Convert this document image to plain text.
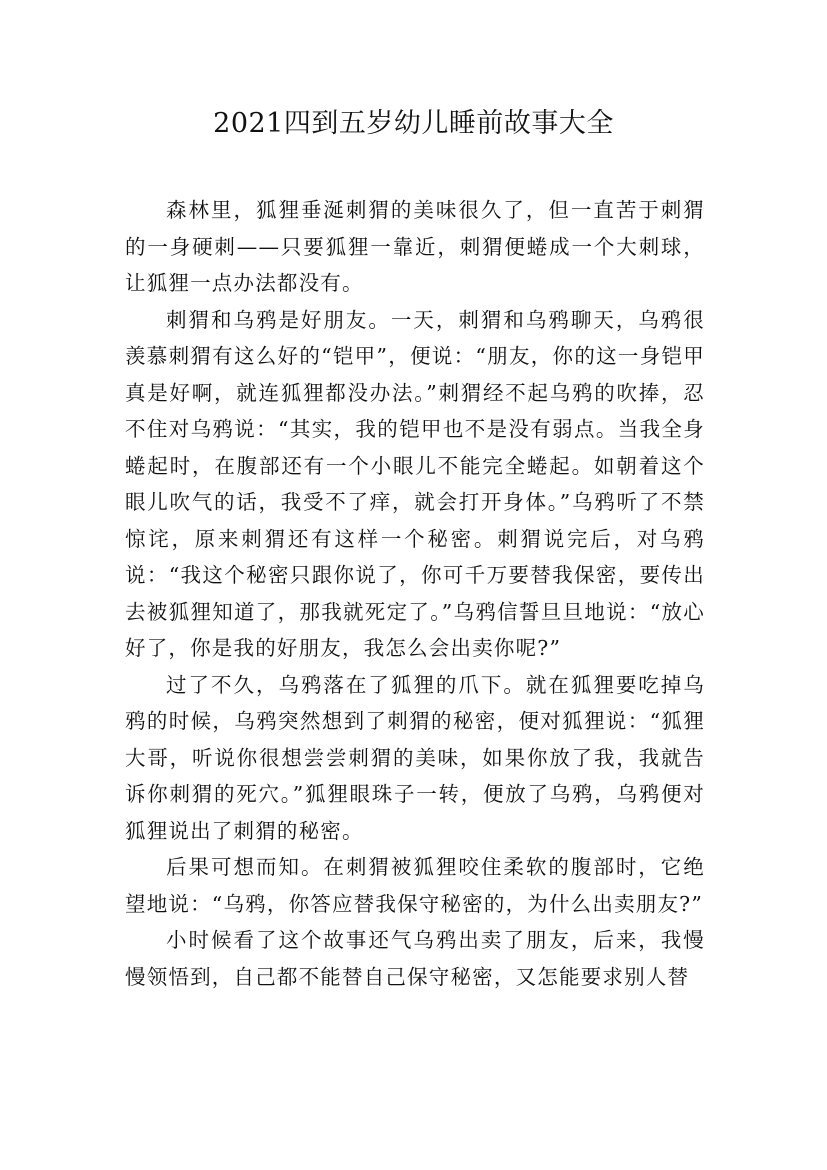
2021四到五岁幼儿睡前故事大全

森林里，狐狸垂涎刺猬的美味很久了，但一直苦于刺猬的一身硬刺——只要狐狸一靠近，刺猬便蜷成一个大刺球，让狐狸一点办法都没有。

刺猬和乌鸦是好朋友。一天，刺猬和乌鸦聊天，乌鸦很羡慕刺猬有这么好的“铠甲”，便说：“朋友，你的这一身铠甲真是好啊，就连狐狸都没办法。”刺猬经不起乌鸦的吹捧，忍不住对乌鸦说：“其实，我的铠甲也不是没有弱点。当我全身蜷起时，在腹部还有一个小眼儿不能完全蜷起。如朝着这个眼儿吹气的话，我受不了痒，就会打开身体。”乌鸦听了不禁惊诧，原来刺猬还有这样一个秘密。刺猬说完后，对乌鸦说：“我这个秘密只跟你说了，你可千万要替我保密，要传出去被狐狸知道了，那我就死定了。”乌鸦信誓旦旦地说：“放心好了，你是我的好朋友，我怎么会出卖你呢?”

过了不久，乌鸦落在了狐狸的爪下。就在狐狸要吃掉乌鸦的时候，乌鸦突然想到了刺猬的秘密，便对狐狸说：“狐狸大哥，听说你很想尝尝刺猬的美味，如果你放了我，我就告诉你刺猬的死穴。”狐狸眼珠子一转，便放了乌鸦，乌鸦便对狐狸说出了刺猬的秘密。

后果可想而知。在刺猬被狐狸咬住柔软的腹部时，它绝望地说：“乌鸦，你答应替我保守秘密的，为什么出卖朋友?”

小时候看了这个故事还气乌鸦出卖了朋友，后来，我慢慢领悟到，自己都不能替自己保守秘密，又怎能要求别人替
